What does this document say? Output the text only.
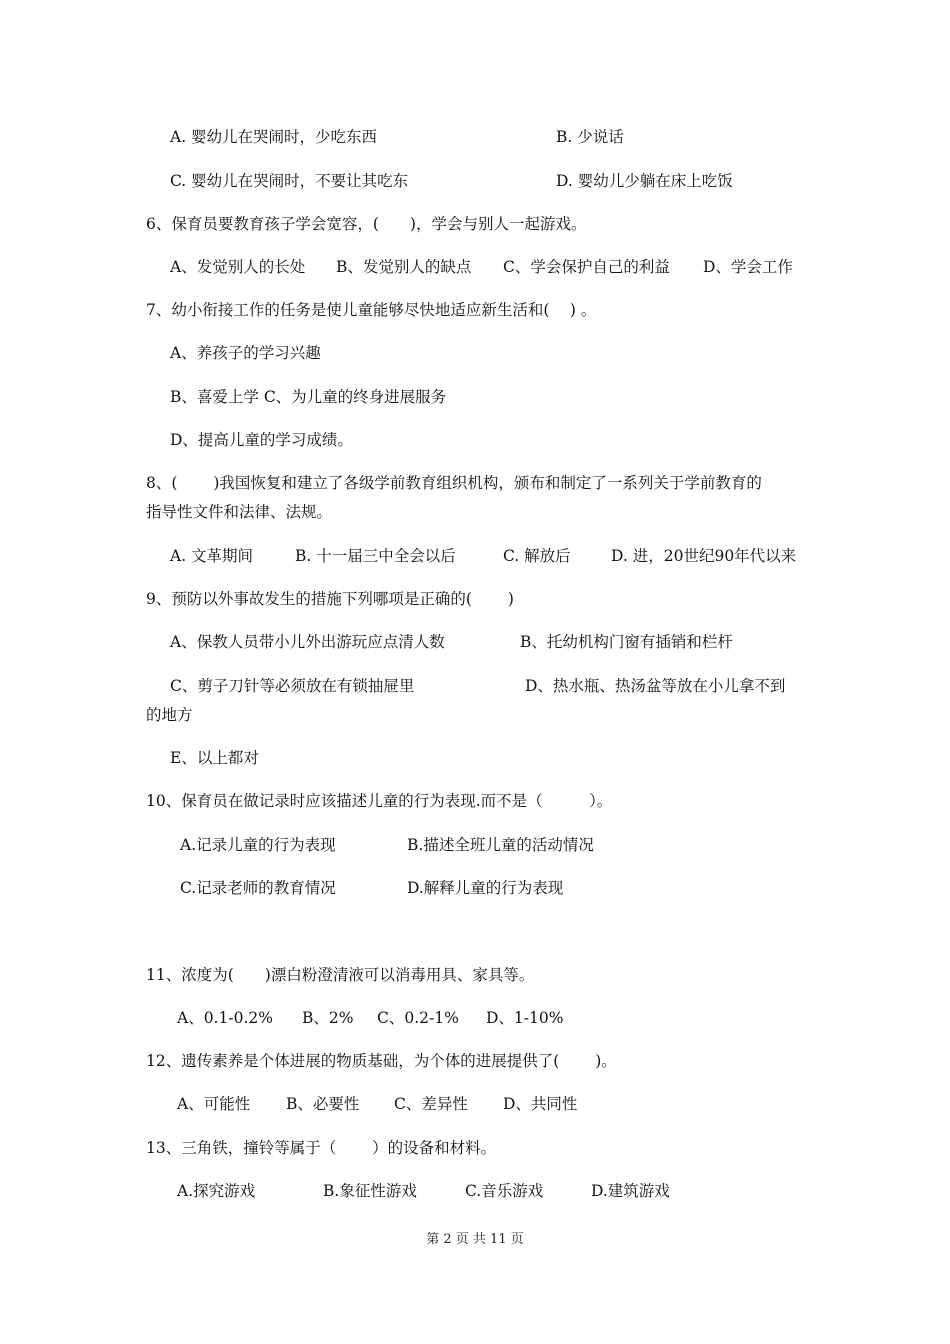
A. 婴幼儿在哭闹时，少吃东西	B. 少说话
C. 婴幼儿在哭闹时，不要让其吃东	D. 婴幼儿少躺在床上吃饭
6、保育员要教育孩子学会宽容，(　　)，学会与别人一起游戏。
A、发觉别人的长处 B、发觉别人的缺点 C、学会保护自己的利益 D、学会工作
7、幼小衔接工作的任务是使儿童能够尽快地适应新生活和(　 ) 。
A、养孩子的学习兴趣
B、喜爱上学 C、为儿童的终身进展服务
D、提高儿童的学习成绩。
8、(　　 )我国恢复和建立了各级学前教育组织机构，颁布和制定了一系列关于学前教育的
指导性文件和法律、法规。
A. 文革期间	B. 十一届三中全会以后	C. 解放后	D. 进，20世纪90年代以来
9、预防以外事故发生的措施下列哪项是正确的(　　 )
A、保教人员带小儿外出游玩应点清人数	B、托幼机构门窗有插销和栏杆
C、剪子刀针等必须放在有锁抽屉里	D、热水瓶、热汤盆等放在小儿拿不到
的地方
E、以上都对
10、保育员在做记录时应该描述儿童的行为表现.而不是（　　　）。
A.记录儿童的行为表现	B.描述全班儿童的活动情况
C.记录老师的教育情况	D.解释儿童的行为表现
11、浓度为(　　)漂白粉澄清液可以消毒用具、家具等。
A、0.1-0.2% B、2% C、0.2-1% D、1-10%
12、遗传素养是个体进展的物质基础，为个体的进展提供了(　　 )。
A、可能性 B、必要性 C、差异性 D、共同性
13、三角铁，撞铃等属于（　　 ）的设备和材料。
A.探究游戏	B.象征性游戏	C.音乐游戏	D.建筑游戏
第 2 页 共 11 页
